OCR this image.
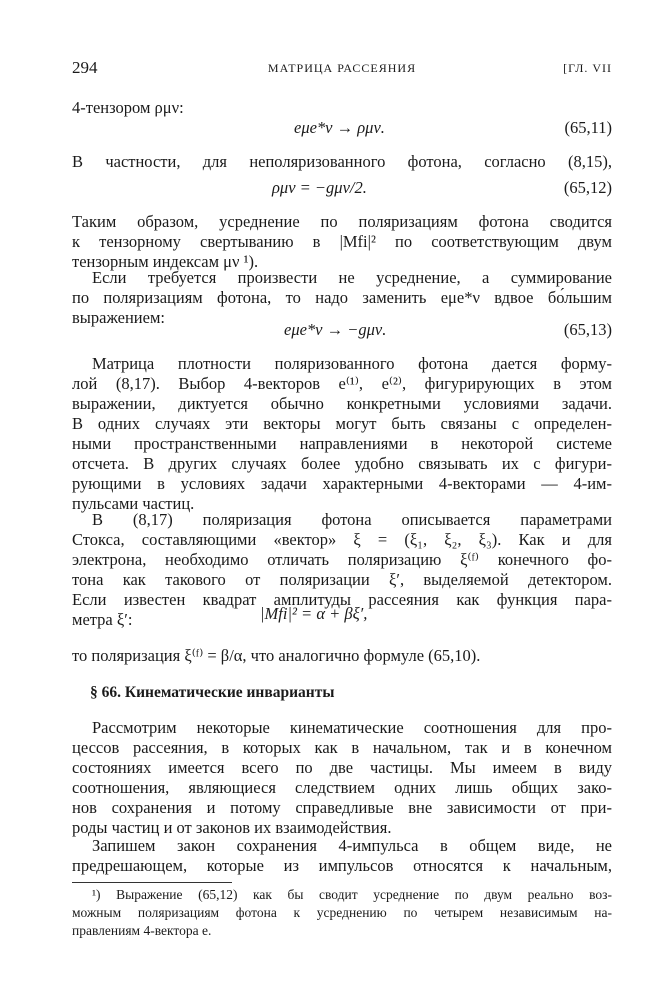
294	МАТРИЦА РАССЕЯНИЯ	[ГЛ. VII
4-тензором ρμν:
eμe*ν → ρμν.	(65,11)
В частности, для неполяризованного фотона, согласно (8,15),
ρμν = −gμν/2.	(65,12)
Таким образом, усреднение по поляризациям фотона сводится
к тензорному свертыванию в |Mfi|² по соответствующим двум
тензорным индексам μν ¹).
Если требуется произвести не усреднение, а суммирование
по поляризациям фотона, то надо заменить eμe*ν вдвое бо́льшим
выражением:
eμe*ν → −gμν.	(65,13)
Матрица плотности поляризованного фотона дается форму-
лой (8,17). Выбор 4-векторов e⁽¹⁾, e⁽²⁾, фигурирующих в этом
выражении, диктуется обычно конкретными условиями задачи.
В одних случаях эти векторы могут быть связаны с определен-
ными пространственными направлениями в некоторой системе
отсчета. В других случаях более удобно связывать их с фигури-
рующими в условиях задачи характерными 4-векторами — 4-им-
пульсами частиц.
В (8,17) поляризация фотона описывается параметрами
Стокса, составляющими «вектор» ξ = (ξ₁, ξ₂, ξ₃). Как и для
электрона, необходимо отличать поляризацию ξ⁽ᶠ⁾ конечного фо-
тона как такового от поляризации ξ′, выделяемой детектором.
Если известен квадрат амплитуды рассеяния как функция пара-
метра ξ′:	|Mfi|² = α + βξ′,
то поляризация ξ⁽ᶠ⁾ = β/α, что аналогично формуле (65,10).
§ 66. Кинематические инварианты
Рассмотрим некоторые кинематические соотношения для про-
цессов рассеяния, в которых как в начальном, так и в конечном
состояниях имеется всего по две частицы. Мы имеем в виду
соотношения, являющиеся следствием одних лишь общих зако-
нов сохранения и потому справедливые вне зависимости от при-
роды частиц и от законов их взаимодействия.
Запишем закон сохранения 4-импульса в общем виде, не
предрешающем, которые из импульсов относятся к начальным,
¹) Выражение (65,12) как бы сводит усреднение по двум реально воз-
можным поляризациям фотона к усреднению по четырем независимым на-
правлениям 4-вектора e.
